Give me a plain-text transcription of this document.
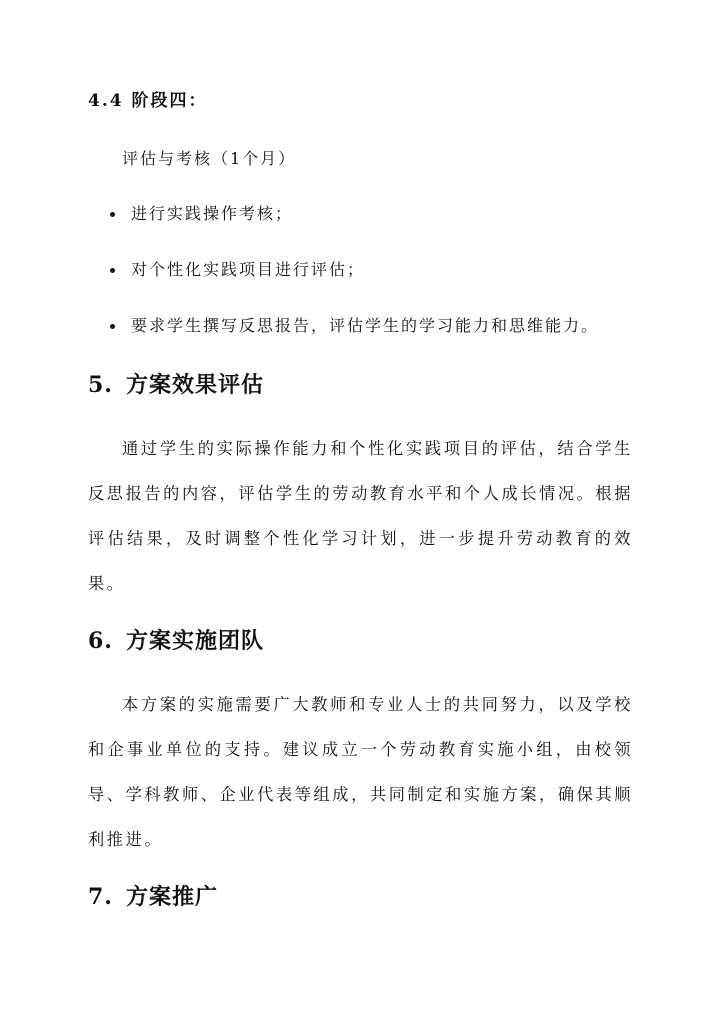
4.4 阶段四：

评估与考核（1个月）

进行实践操作考核；
对个性化实践项目进行评估；
要求学生撰写反思报告，评估学生的学习能力和思维能力。
5. 方案效果评估

通过学生的实际操作能力和个性化实践项目的评估，结合学生反思报告的内容，评估学生的劳动教育水平和个人成长情况。根据评估结果，及时调整个性化学习计划，进一步提升劳动教育的效果。

6. 方案实施团队

本方案的实施需要广大教师和专业人士的共同努力，以及学校和企事业单位的支持。建议成立一个劳动教育实施小组，由校领导、学科教师、企业代表等组成，共同制定和实施方案，确保其顺利推进。

7. 方案推广
